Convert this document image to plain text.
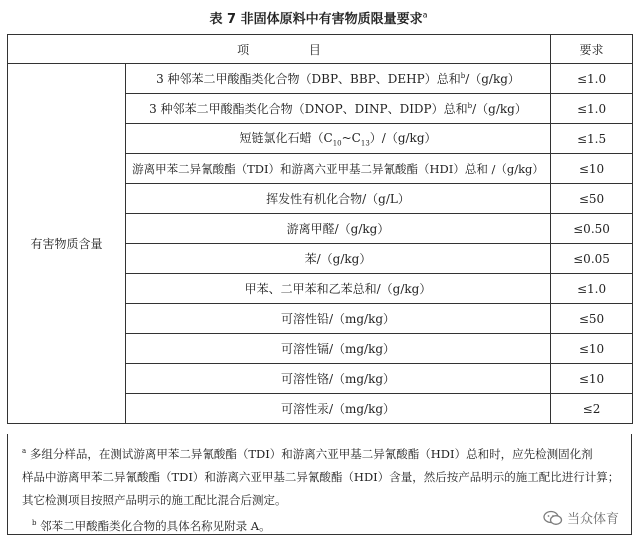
表 7 非固体原料中有害物质限量要求$^a$
项 目		要求
有害物质含量	3 种邻苯二甲酸酯类化合物（DBP、BBP、DEHP）总和$^b$/（g/kg）	≤1.0
	3 种邻苯二甲酸酯类化合物（DNOP、DINP、DIDP）总和$^b$/（g/kg）	≤1.0
	短链氯化石蜡$(C_{10}\sim C_{13})/(g/kg)$	≤1.5
	游离甲苯二异氰酸酯（TDI）和游离六亚甲基二异氰酸酯（HDI）总和 /（g/kg）	≤10
	挥发性有机化合物/（g/L）	≤50
	游离甲醛/（g/kg）	≤0.50
	苯/（g/kg）	≤0.05
	甲苯、二甲苯和乙苯总和/（g/kg）	≤1.0
	可溶性铅/（mg/kg）	≤50
	可溶性镉/（mg/kg）	≤10
	可溶性铬/（mg/kg）	≤10
	可溶性汞/（mg/kg）	≤2

$^a$ 多组分样品，在测试游离甲苯二异氰酸酯（TDI）和游离六亚甲基二异氰酸酯（HDI）总和时，应先检测固化剂

样品中游离甲苯二异氰酸酯（TDI）和游离六亚甲基二异氰酸酯（HDI）含量，然后按产品明示的施工配比进行计算；

其它检测项目按照产品明示的施工配比混合后测定。

$^b$ 邻苯二甲酸酯类化合物的具体名称见附录 A。	当众体育
